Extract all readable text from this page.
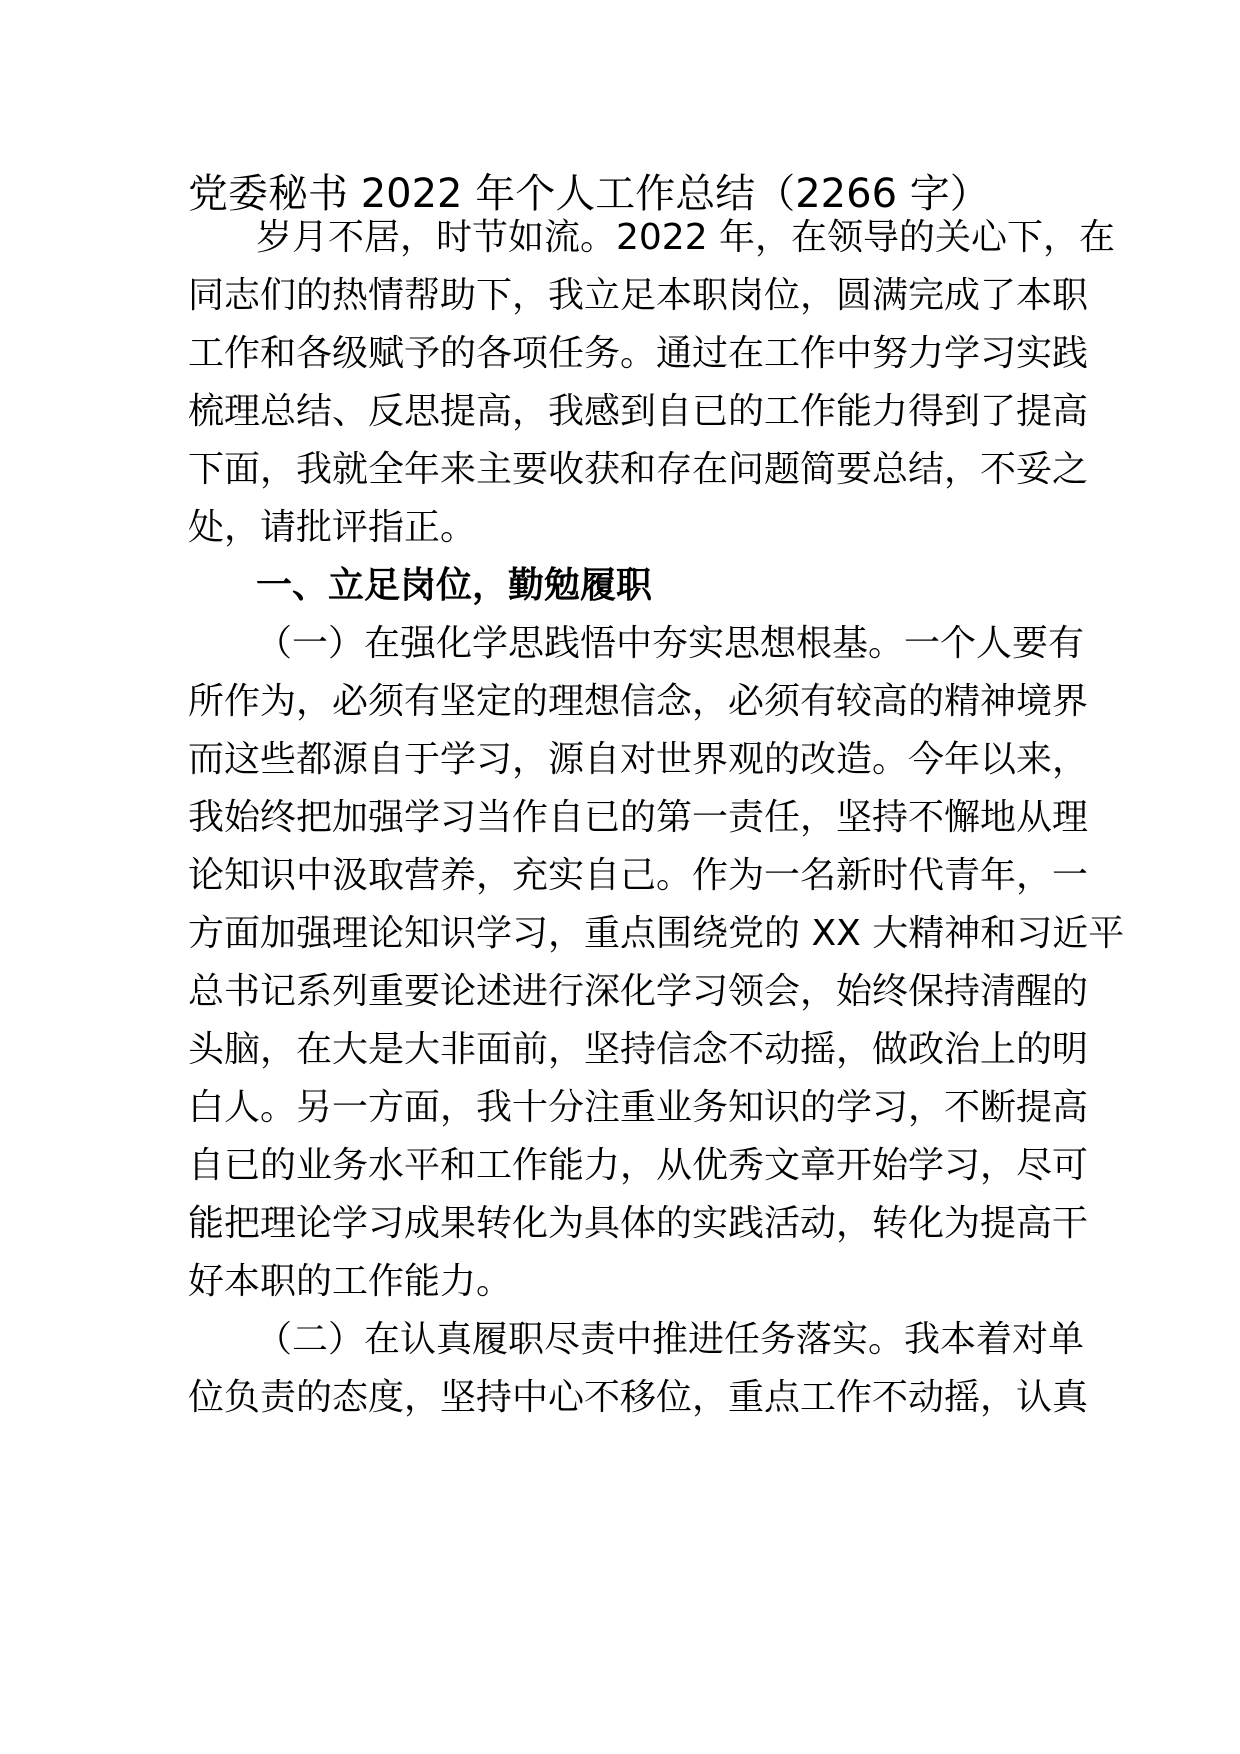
党委秘书 2022 年个人工作总结（2266 字）
岁月不居，时节如流。2022 年，在领导的关心下，在
同志们的热情帮助下，我立足本职岗位，圆满完成了本职
工作和各级赋予的各项任务。通过在工作中努力学习实践
梳理总结、反思提高，我感到自已的工作能力得到了提高
下面，我就全年来主要收获和存在问题简要总结，不妥之
处，请批评指正。
一、立足岗位，勤勉履职
（一）在强化学思践悟中夯实思想根基。一个人要有
所作为，必须有坚定的理想信念，必须有较高的精神境界
而这些都源自于学习，源自对世界观的改造。今年以来，
我始终把加强学习当作自已的第一责任，坚持不懈地从理
论知识中汲取营养，充实自己。作为一名新时代青年，一
方面加强理论知识学习，重点围绕党的 XX 大精神和习近平
总书记系列重要论述进行深化学习领会，始终保持清醒的
头脑，在大是大非面前，坚持信念不动摇，做政治上的明
白人。另一方面，我十分注重业务知识的学习，不断提高
自已的业务水平和工作能力，从优秀文章开始学习，尽可
能把理论学习成果转化为具体的实践活动，转化为提高干
好本职的工作能力。
（二）在认真履职尽责中推进任务落实。我本着对单
位负责的态度，坚持中心不移位，重点工作不动摇，认真
